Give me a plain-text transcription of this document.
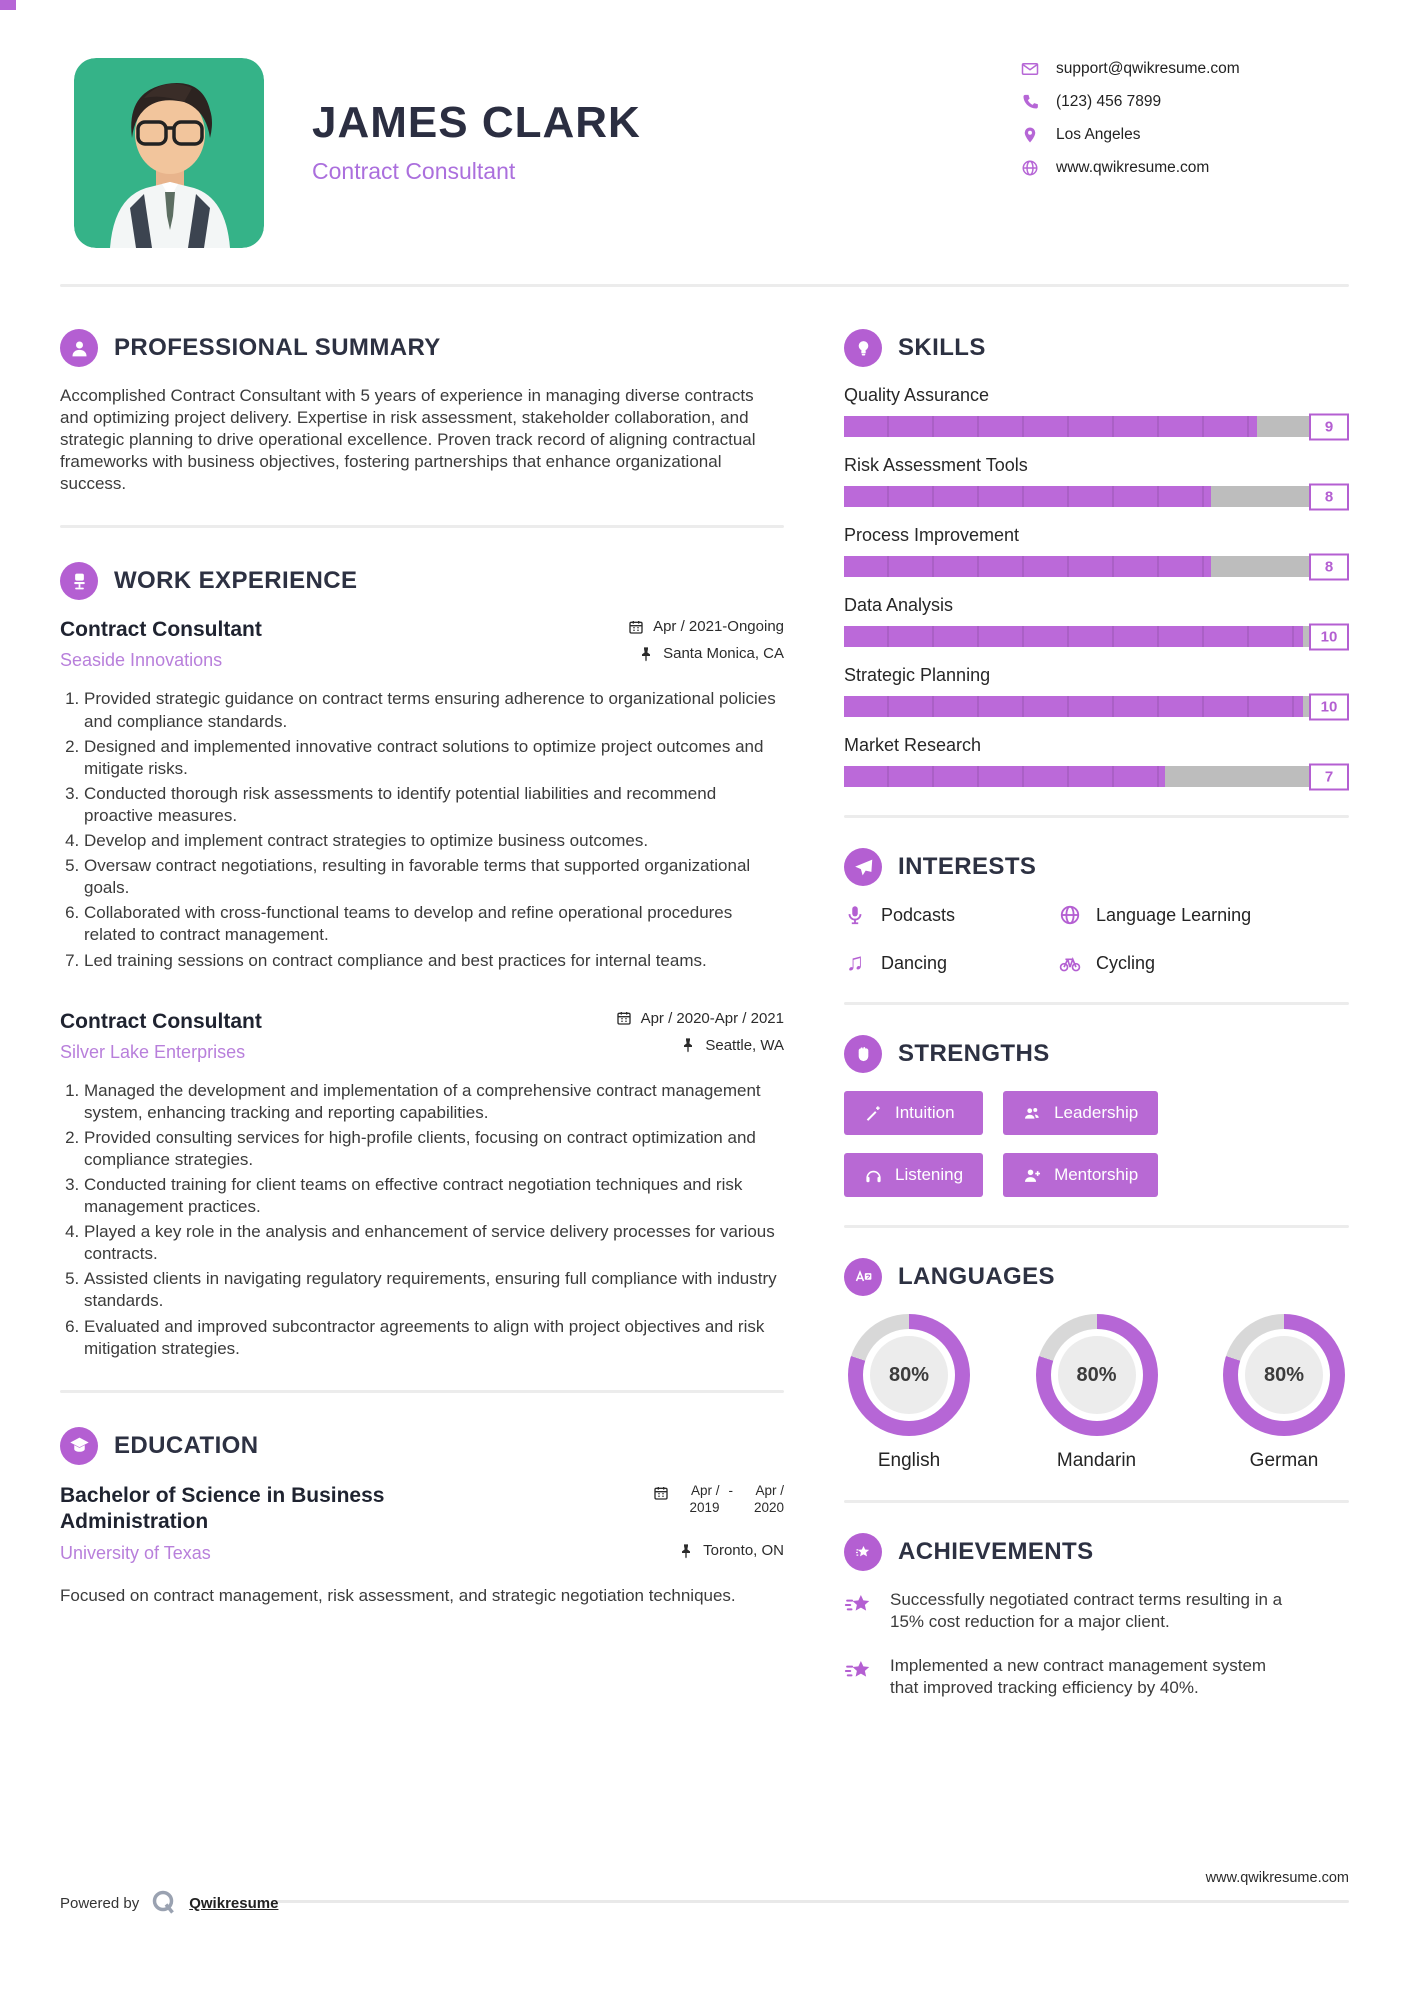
JAMES CLARK
Contract Consultant
support@qwikresume.com
(123) 456 7899
Los Angeles
www.qwikresume.com
PROFESSIONAL SUMMARY

Accomplished Contract Consultant with 5 years of experience in managing diverse contracts and optimizing project delivery. Expertise in risk assessment, stakeholder collaboration, and strategic planning to drive operational excellence. Proven track record of aligning contractual frameworks with business objectives, fostering partnerships that enhance organizational success.

WORK EXPERIENCE
Contract Consultant
Seaside Innovations
Apr / 2021-Ongoing
Santa Monica, CA
1. Provided strategic guidance on contract terms ensuring adherence to organizational policies and compliance standards.
2. Designed and implemented innovative contract solutions to optimize project outcomes and mitigate risks.
3. Conducted thorough risk assessments to identify potential liabilities and recommend proactive measures.
4. Develop and implement contract strategies to optimize business outcomes.
5. Oversaw contract negotiations, resulting in favorable terms that supported organizational goals.
6. Collaborated with cross-functional teams to develop and refine operational procedures related to contract management.
7. Led training sessions on contract compliance and best practices for internal teams.
Contract Consultant
Silver Lake Enterprises
Apr / 2020-Apr / 2021
Seattle, WA
1. Managed the development and implementation of a comprehensive contract management system, enhancing tracking and reporting capabilities.
2. Provided consulting services for high-profile clients, focusing on contract optimization and compliance strategies.
3. Conducted training for client teams on effective contract negotiation techniques and risk management practices.
4. Played a key role in the analysis and enhancement of service delivery processes for various contracts.
5. Assisted clients in navigating regulatory requirements, ensuring full compliance with industry standards.
6. Evaluated and improved subcontractor agreements to align with project objectives and risk mitigation strategies.
EDUCATION
Bachelor of Science in Business Administration
University of Texas
Apr / 2019
-	Apr / 2020
Toronto, ON

Focused on contract management, risk assessment, and strategic negotiation techniques.

SKILLS
Quality Assurance
9
Risk Assessment Tools
8
Process Improvement
8
Data Analysis
10
Strategic Planning
10
Market Research
7
INTERESTS
Podcasts	Language Learning
♫ Dancing	Cycling
STRENGTHS
Intuition	Leadership
Listening	Mentorship
LANGUAGES
80%
English
80%
Mandarin
80%
German
ACHIEVEMENTS

Successfully negotiated contract terms resulting in a 15% cost reduction for a major client.

Implemented a new contract management system that improved tracking efficiency by 40%.

Powered by	Qwikresume
www.qwikresume.com
